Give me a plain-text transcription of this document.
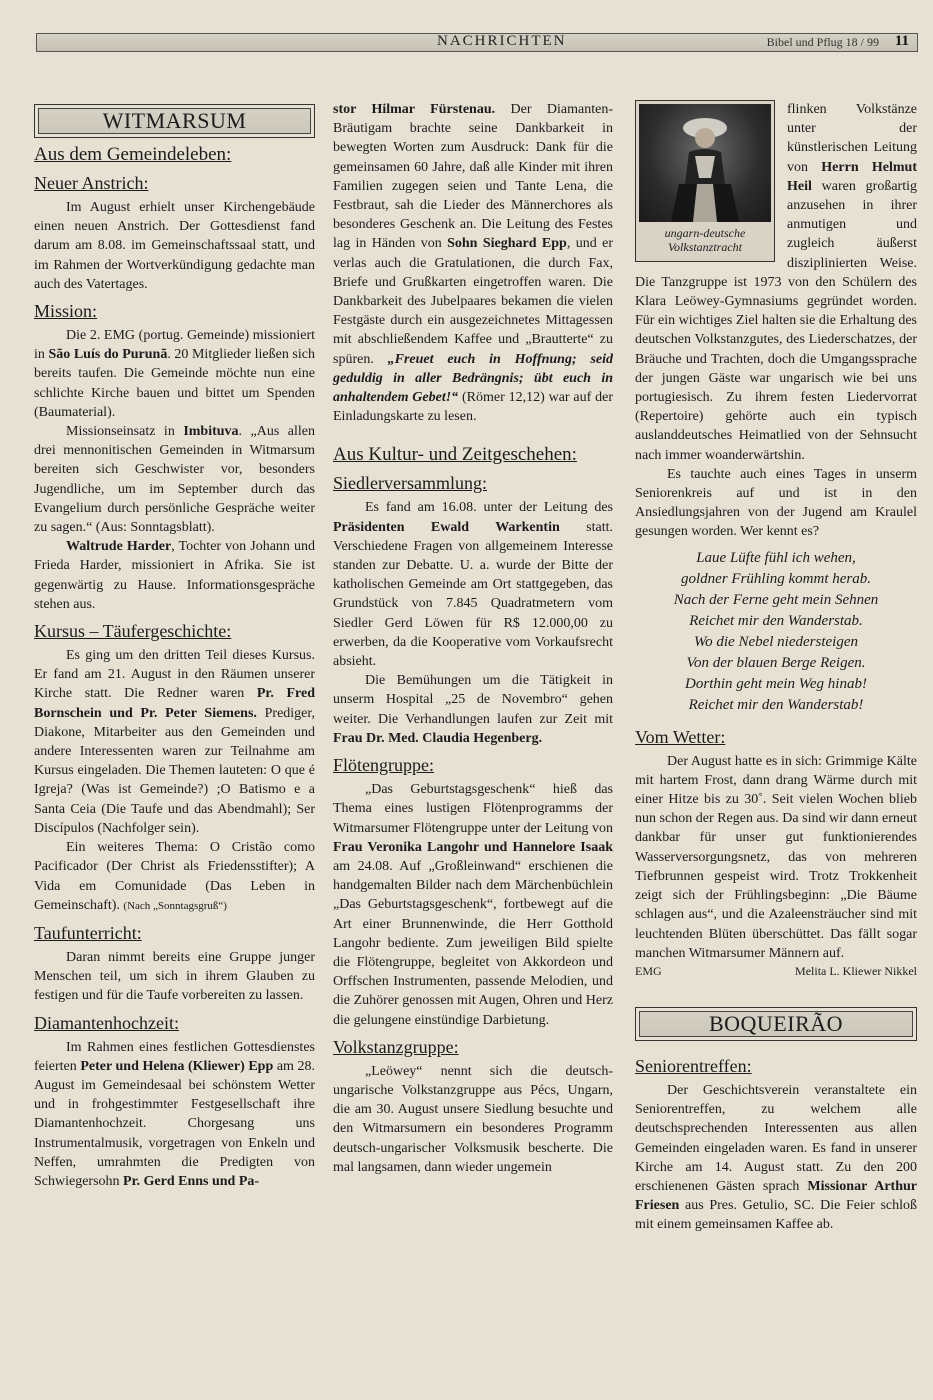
NACHRICHTEN	Bibel und Pflug 18 / 99 11
WITMARSUM
Aus dem Gemeindeleben:
Neuer Anstrich:

Im August erhielt unser Kirchengebäude einen neuen Anstrich. Der Gottesdienst fand darum am 8.08. im Gemeinschaftssaal statt, und im Rahmen der Wortverkündigung gedachte man auch des Vatertages.

Mission:

Die 2. EMG (portug. Gemeinde) missioniert in São Luís do Purunã. 20 Mitglieder ließen sich bereits taufen. Die Gemeinde möchte nun eine schlichte Kirche bauen und bittet um Spenden (Baumaterial).

Missionseinsatz in Imbituva. „Aus allen drei mennonitischen Gemeinden in Witmarsum bereiten sich Geschwister vor, besonders Jugendliche, um im September durch das Evangelium durch persönliche Gespräche weiter zu sagen.“ (Aus: Sonntagsblatt).

Waltrude Harder, Tochter von Johann und Frieda Harder, missioniert in Afrika. Sie ist gegenwärtig zu Hause. Informationsgespräche stehen aus.

Kursus – Täufergeschichte:

Es ging um den dritten Teil dieses Kursus. Er fand am 21. August in den Räumen unserer Kirche statt. Die Redner waren Pr. Fred Bornschein und Pr. Peter Siemens. Prediger, Diakone, Mitarbeiter aus den Gemeinden und andere Interessenten waren zur Teilnahme am Kursus eingeladen. Die Themen lauteten: O que é Igreja? (Was ist Gemeinde?) ;O Batismo e a Santa Ceia (Die Taufe und das Abendmahl); Ser Discípulos (Nachfolger sein).

Ein weiteres Thema: O Cristão como Pacificador (Der Christ als Friedensstifter); A Vida em Comunidade (Das Leben in Gemeinschaft). (Nach „Sonntagsgruß“)

Taufunterricht:

Daran nimmt bereits eine Gruppe junger Menschen teil, um sich in ihrem Glauben zu festigen und für die Taufe vorbereiten zu lassen.

Diamantenhochzeit:

Im Rahmen eines festlichen Gottesdienstes feierten Peter und Helena (Kliewer) Epp am 28. August im Gemeindesaal bei schönstem Wetter und in frohgestimmter Festgesellschaft ihre Diamantenhochzeit. Chorgesang uns Instrumentalmusik, vorgetragen von Enkeln und Neffen, umrahmten die Predigten von Schwiegersohn Pr. Gerd Enns und Pa-

stor Hilmar Fürstenau. Der Diamanten-Bräutigam brachte seine Dankbarkeit in bewegten Worten zum Ausdruck: Dank für die gemeinsamen 60 Jahre, daß alle Kinder mit ihren Familien zugegen seien und Tante Lena, die Festbraut, sah die Lieder des Männerchores als besonderes Geschenk an. Die Leitung des Festes lag in Händen von Sohn Sieghard Epp, und er verlas auch die Gratulationen, die durch Fax, Briefe und Grußkarten eingetroffen waren. Die Dankbarkeit des Jubelpaares bekamen die vielen Festgäste durch ein ausgezeichnetes Mittagessen mit abschließendem Kaffee und „Brautterte“ zu spüren. „Freuet euch in Hoffnung; seid geduldig in aller Bedrängnis; übt euch in anhaltendem Gebet!“ (Römer 12,12) war auf der Einladungskarte zu lesen.

Aus Kultur- und Zeitgeschehen:
Siedlerversammlung:

Es fand am 16.08. unter der Leitung des Präsidenten Ewald Warkentin statt. Verschiedene Fragen von allgemeinem Interesse standen zur Debatte. U. a. wurde der Bitte der katholischen Gemeinde am Ort stattgegeben, das Grundstück von 7.845 Quadratmetern vom Siedler Gerd Löwen für R$ 12.000,00 zu erwerben, da die Kooperative vom Vorkaufsrecht absieht.

Die Bemühungen um die Tätigkeit in unserm Hospital „25 de Novembro“ gehen weiter. Die Verhandlungen laufen zur Zeit mit Frau Dr. Med. Claudia Hegenberg.

Flötengruppe:

„Das Geburtstagsgeschenk“ hieß das Thema eines lustigen Flötenprogramms der Witmarsumer Flötengruppe unter der Leitung von Frau Veronika Langohr und Hannelore Isaak am 24.08. Auf „Großleinwand“ erschienen die handgemalten Bilder nach dem Märchenbüchlein „Das Geburtstagsgeschenk“, fortbewegt auf die Art einer Brunnenwinde, die Herr Gotthold Langohr bediente. Zum jeweiligen Bild spielte die Flötengruppe, begleitet von Akkordeon und Orffschen Instrumenten, passende Melodien, und die Zuhörer genossen mit Augen, Ohren und Herz die gelungene einstündige Darbietung.

Volkstanzgruppe:

„Leöwey“ nennt sich die deutsch-ungarische Volkstanzgruppe aus Pécs, Ungarn, die am 30. August unsere Siedlung besuchte und den Witmarsumern ein besonderes Programm deutsch-ungarischer Volksmusik bescherte. Die mal langsamen, dann wieder ungemein

ungarn-deutsche Volkstanztracht

flinken Volkstänze unter der künstlerischen Leitung von Herrn Helmut Heil waren großartig anzusehen in ihrer anmutigen und zugleich äußerst disziplinierten Weise. Die Tanzgruppe ist 1973 von den Schülern des Klara Leöwey-Gymnasiums gegründet worden. Für ein wichtiges Ziel halten sie die Erhaltung des deutschen Volkstanzgutes, des Liederschatzes, der Bräuche und Trachten, doch die Umgangssprache der jungen Gäste war ungarisch wie bei uns portugiesisch. Zu ihrem festen Liedervorrat (Repertoire) gehörte auch ein typisch auslanddeutsches Heimatlied von der Sehnsucht nach immer woanderwärtshin.

Es tauchte auch eines Tages in unserm Seniorenkreis auf und ist in den Ansiedlungsjahren von der Jugend am Kraulel gesungen worden. Wer kennt es?

Laue Lüfte fühl ich wehen,

goldner Frühling kommt herab.

Nach der Ferne geht mein Sehnen

Reichet mir den Wanderstab.

Wo die Nebel niedersteigen

Von der blauen Berge Reigen.

Dorthin geht mein Weg hinab!

Reichet mir den Wanderstab!

Vom Wetter:

Der August hatte es in sich: Grimmige Kälte mit hartem Frost, dann drang Wärme durch mit einer Hitze bis zu 30˚. Seit vielen Wochen blieb nun schon der Regen aus. Da sind wir dann erneut dankbar für unser gut funktionierendes Wasserversorgungsnetz, das von mehreren Tiefbrunnen gespeist wird. Trotz Trokkenheit zeigt sich der Frühlingsbeginn: „Die Bäume schlagen aus“, und die Azaleensträucher sind mit leuchtenden Blüten überschüttet. Das fällt sogar manchen Witmarsumer Männern auf.

EMG	Melita L. Kliewer Nikkel
BOQUEIRÃO
Seniorentreffen:

Der Geschichtsverein veranstaltete ein Seniorentreffen, zu welchem alle deutschsprechenden Interessenten aus allen Gemeinden eingeladen waren. Es fand in unserer Kirche am 14. August statt. Zu den 200 erschienenen Gästen sprach Missionar Arthur Friesen aus Pres. Getulio, SC. Die Feier schloß mit einem gemeinsamen Kaffee ab.
